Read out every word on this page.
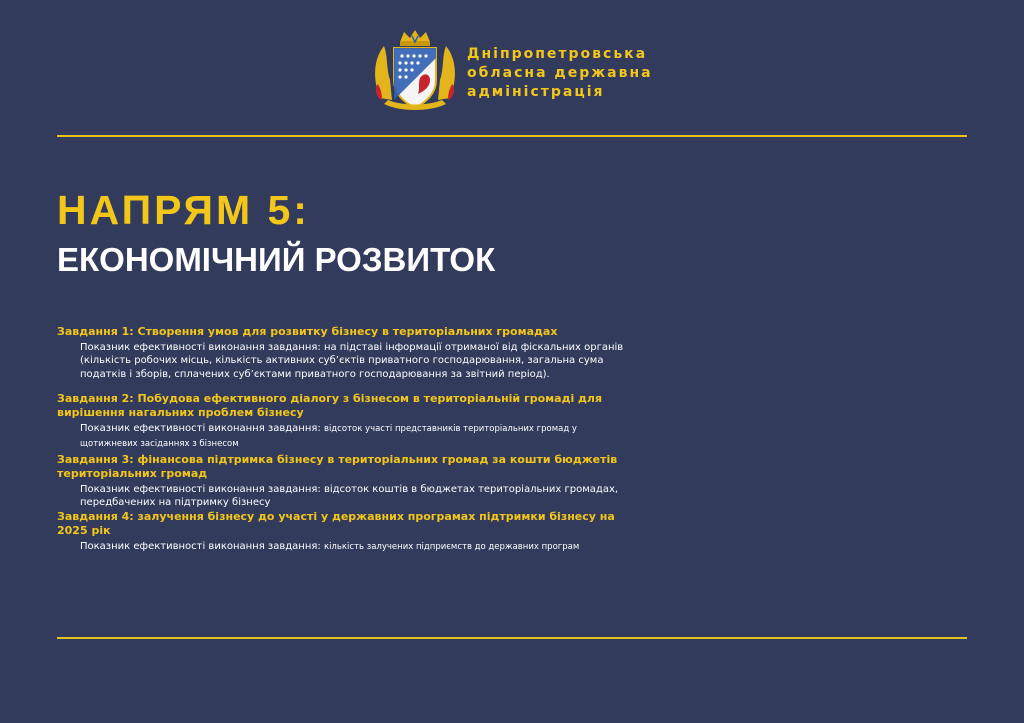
Дніпропетровська
обласна державна
адміністрація
НАПРЯМ 5:
ЕКОНОМІЧНИЙ РОЗВИТОК
Завдання 1: Створення умов для розвитку бізнесу в територіальних громадах
Показник ефективності виконання завдання: на підставі інформації отриманої від фіскальних органів (кількість робочих місць, кількість активних суб’єктів приватного господарювання, загальна сума податків і зборів, сплачених суб’єктами приватного господарювання за звітний період).
Завдання 2: Побудова ефективного діалогу з бізнесом в територіальній громаді для вирішення нагальних проблем бізнесу
Показник ефективності виконання завдання: відсоток участі представників територіальних громад у щотижневих засіданнях з бізнесом
Завдання 3: фінансова підтримка бізнесу в територіальних громад за кошти бюджетів територіальних громад
Показник ефективності виконання завдання: відсоток коштів в бюджетах територіальних громадах, передбачених на підтримку бізнесу
Завдання 4: залучення бізнесу до участі у державних програмах підтримки бізнесу на 2025 рік
Показник ефективності виконання завдання: кількість залучених підприємств до державних програм
